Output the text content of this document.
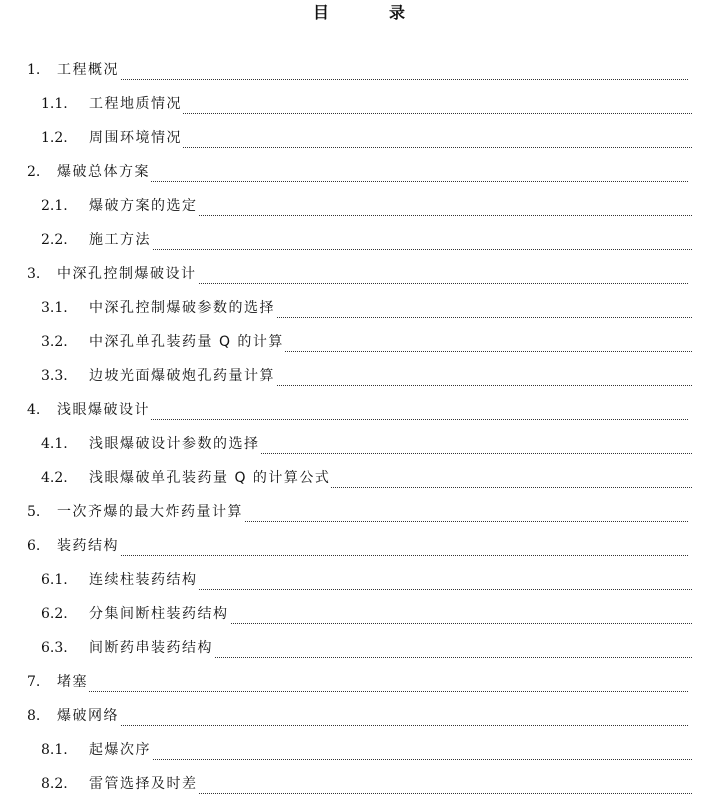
目　录
1. 工程概况
1.1. 工程地质情况
1.2. 周围环境情况
2. 爆破总体方案
2.1. 爆破方案的选定
2.2. 施工方法
3. 中深孔控制爆破设计
3.1. 中深孔控制爆破参数的选择
3.2. 中深孔单孔装药量 Q 的计算
3.3. 边坡光面爆破炮孔药量计算
4. 浅眼爆破设计
4.1. 浅眼爆破设计参数的选择
4.2. 浅眼爆破单孔装药量 Q 的计算公式
5. 一次齐爆的最大炸药量计算
6. 装药结构
6.1. 连续柱装药结构
6.2. 分集间断柱装药结构
6.3. 间断药串装药结构
7. 堵塞
8. 爆破网络
8.1. 起爆次序
8.2. 雷管选择及时差
